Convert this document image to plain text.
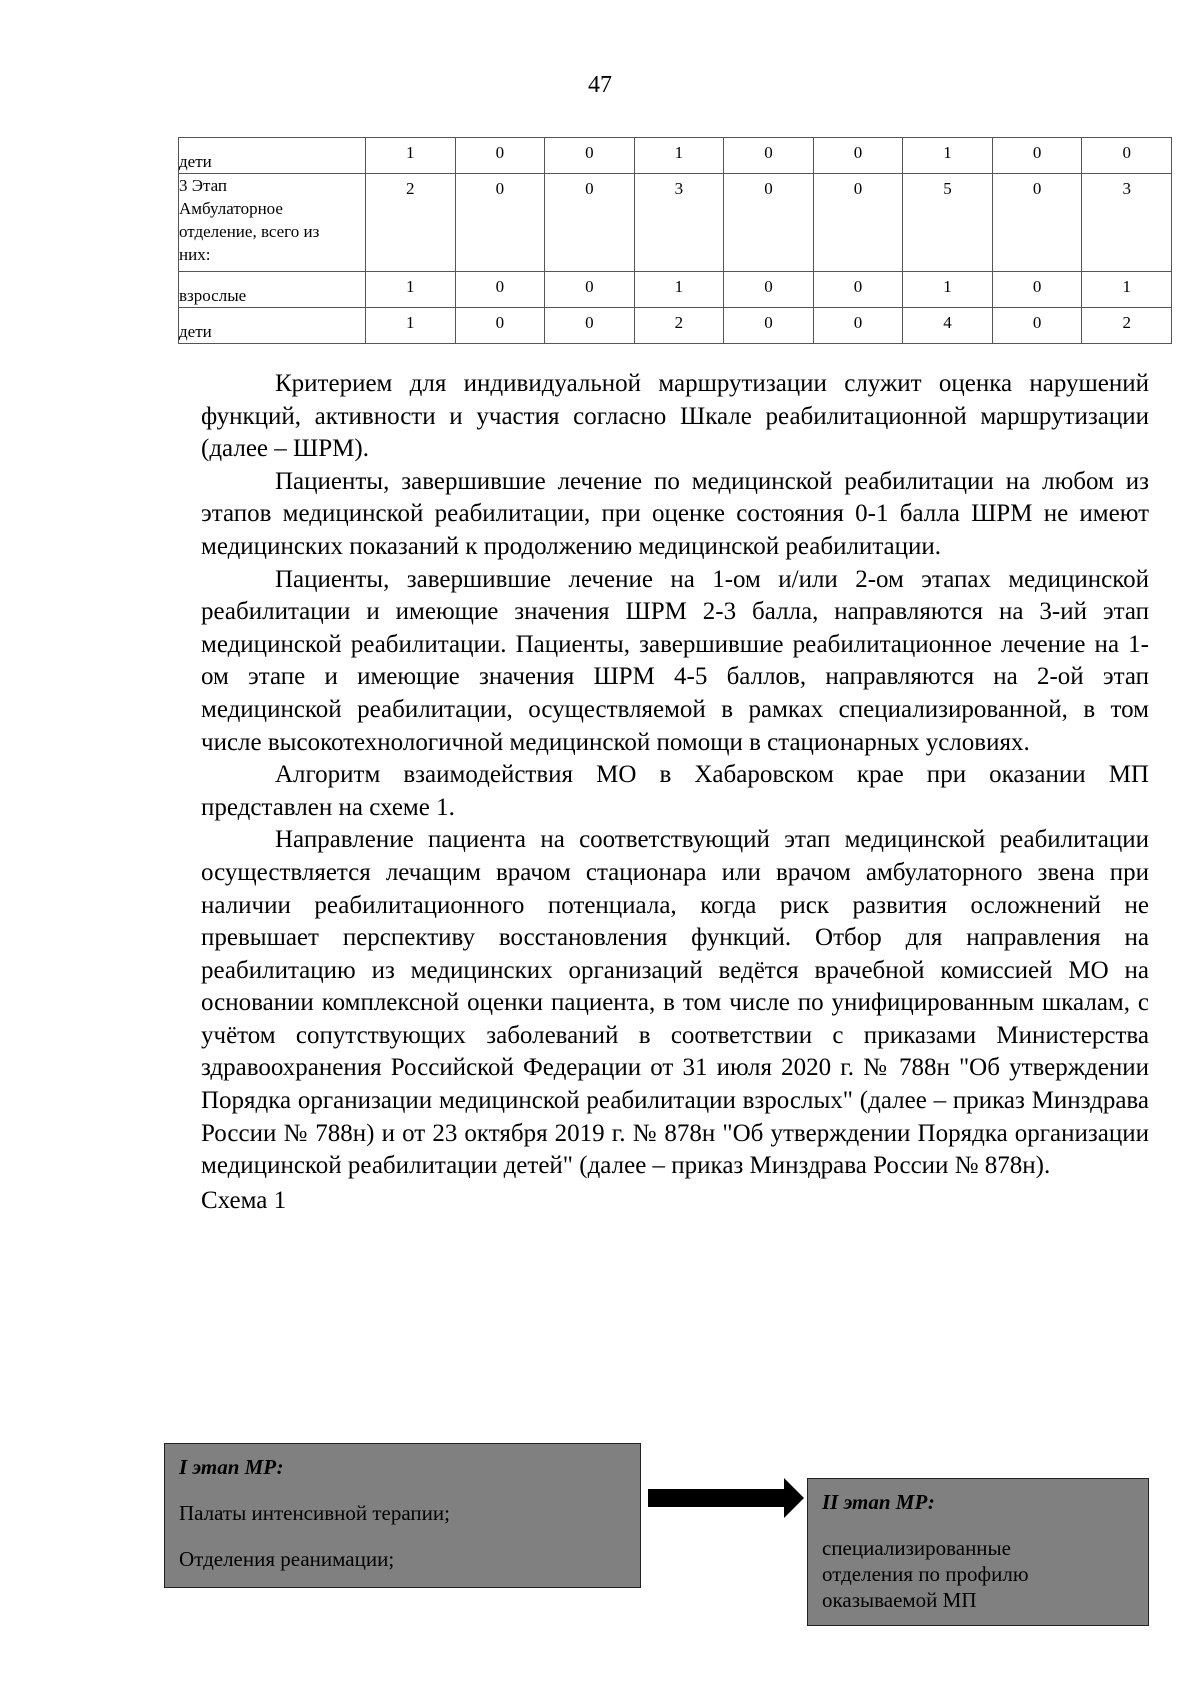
47
дети	1	0	0	1	0	0	1	0	0

3 Этап
Амбулаторное
отделение, всего из
них:	2	0	0	3	0	0	5	0	3
взрослые	1	0	0	1	0	0	1	0	1
дети	1	0	0	2	0	0	4	0	2

Критерием для индивидуальной маршрутизации служит оценка нарушений функций, активности и участия согласно Шкале реабилитационной маршрутизации (далее – ШРМ).

Пациенты, завершившие лечение по медицинской реабилитации на любом из этапов медицинской реабилитации, при оценке состояния 0-1 балла ШРМ не имеют медицинских показаний к продолжению медицинской реабилитации.

Пациенты, завершившие лечение на 1-ом и/или 2-ом этапах медицинской реабилитации и имеющие значения ШРМ 2-3 балла, направляются на 3-ий этап медицинской реабилитации. Пациенты, завершившие реабилитационное лечение на 1-ом этапе и имеющие значения ШРМ 4-5 баллов, направляются на 2-ой этап медицинской реабилитации, осуществляемой в рамках специализированной, в том числе высокотехнологичной медицинской помощи в стационарных условиях.

Алгоритм взаимодействия МО в Хабаровском крае при оказании МП представлен на схеме 1.

Направление пациента на соответствующий этап медицинской реабилитации осуществляется лечащим врачом стационара или врачом амбулаторного звена при наличии реабилитационного потенциала, когда риск развития осложнений не превышает перспективу восстановления функций. Отбор для направления на реабилитацию из медицинских организаций ведётся врачебной комиссией МО на основании комплексной оценки пациента, в том числе по унифицированным шкалам, с учётом сопутствующих заболеваний в соответствии с приказами Министерства здравоохранения Российской Федерации от 31 июля 2020 г. № 788н "Об утверждении Порядка организации медицинской реабилитации взрослых" (далее – приказ Минздрава России № 788н) и от 23 октября 2019 г. № 878н "Об утверждении Порядка организации медицинской реабилитации детей" (далее – приказ Минздрава России № 878н).

Схема 1

I этап МР:
Палаты интенсивной терапии;
Отделения реанимации;
II этап МР:
специализированные
отделения по профилю
оказываемой МП
